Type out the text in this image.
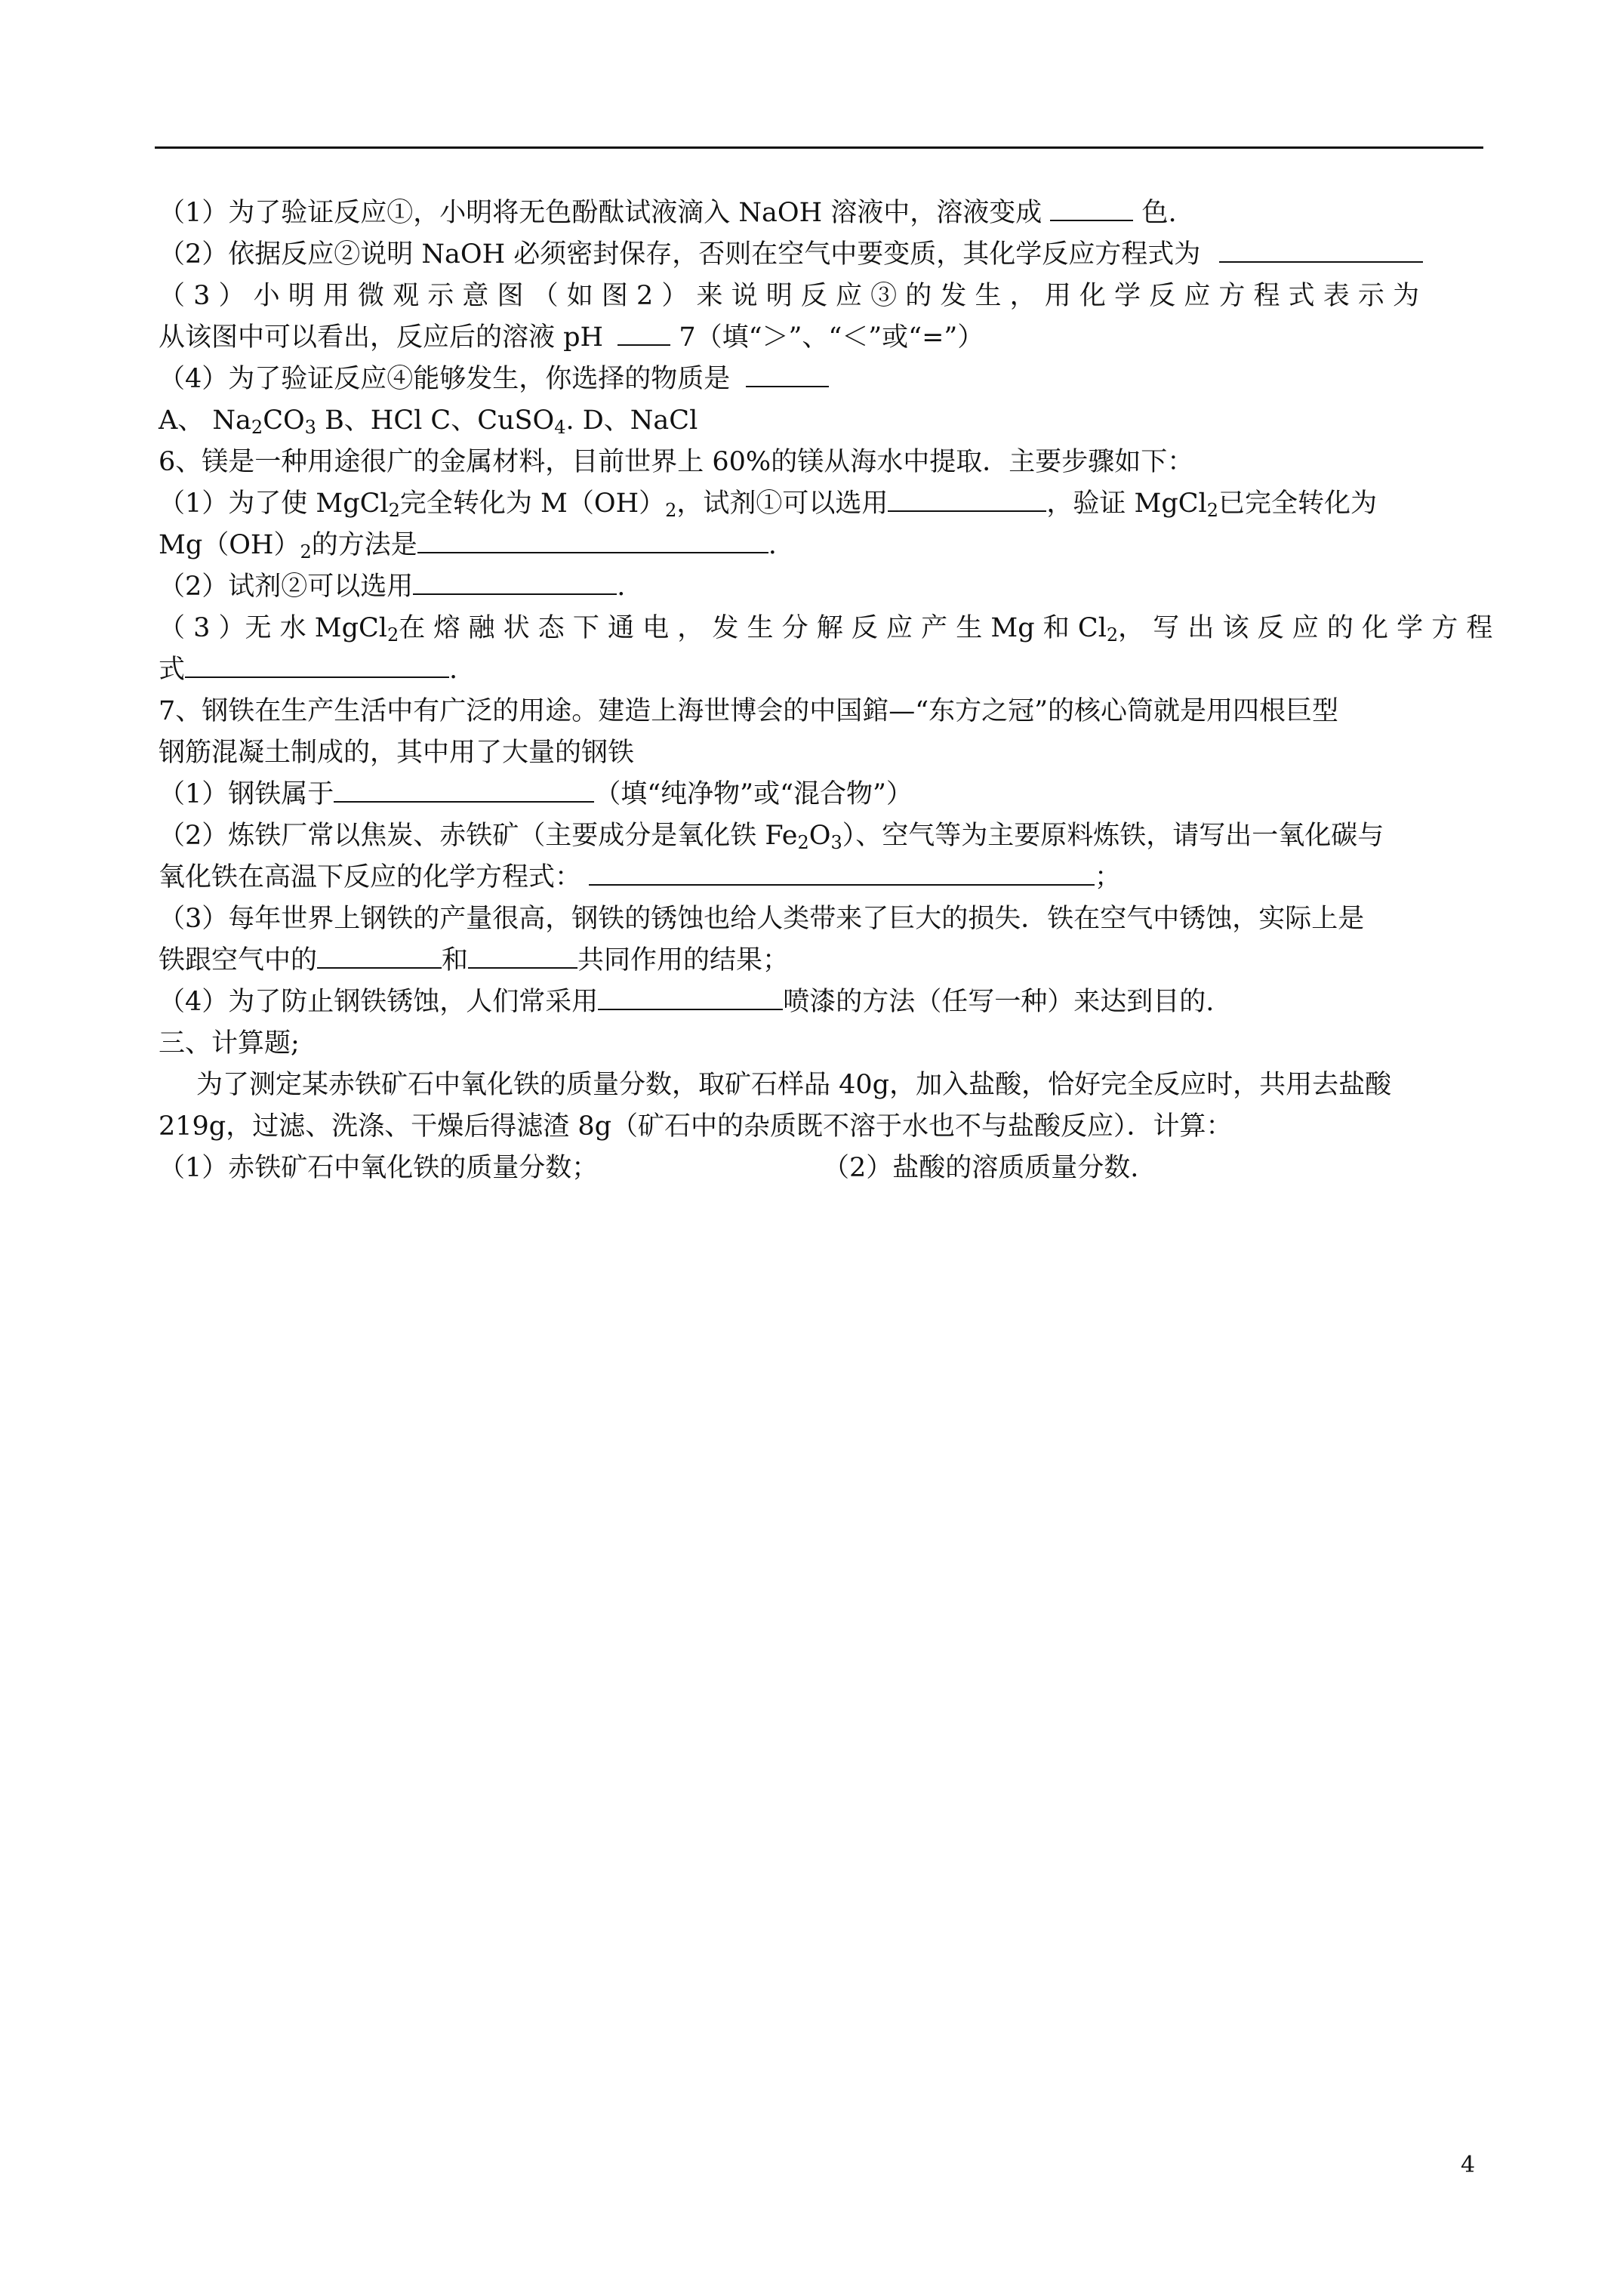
（1）为了验证反应①，小明将无色酚酞试液滴入 NaOH 溶液中，溶液变成	色.
（2）依据反应②说明 NaOH 必须密封保存，否则在空气中要变质，其化学反应方程式为
（ 3 ） 小 明 用 微 观 示 意 图 （ 如 图 2 ） 来 说 明 反 应 ③ 的 发 生 ， 用 化 学 反 应 方 程 式 表 示 为
从该图中可以看出，反应后的溶液 pH	7（填“＞”、“＜”或“=”）
（4）为了验证反应④能够发生，你选择的物质是
A、 $Na_2CO_3$ B、HCl C、CuSO$_4$. D、NaCl
6、镁是一种用途很广的金属材料，目前世界上 60%的镁从海水中提取．主要步骤如下：
（1）为了使 MgCl$_2$完全转化为 $M(OH)_2$，试剂①可以选用	，验证 MgCl$_2$已完全转化为
$Mg(OH)_2$的方法是	.
（2）试剂②可以选用	.
（ 3 ） 无 水 MgCl$_2$ 在 熔 融 状 态 下 通 电 ， 发 生 分 解 反 应 产 生 Mg 和 $Cl_2$ ， 写 出 该 反 应 的 化 学 方 程
式	.
7、钢铁在生产生活中有广泛的用途。建造上海世博会的中国錧—“东方之冠”的核心筒就是用四根巨型
钢筋混凝土制成的，其中用了大量的钢铁
（1）钢铁属于	（填“纯净物”或“混合物”）
（2）炼铁厂常以焦炭、赤铁矿（主要成分是氧化铁 $Fe_2O_3$）、空气等为主要原料炼铁，请写出一氧化碳与
氧化铁在高温下反应的化学方程式：	；
（3）每年世界上钢铁的产量很高，钢铁的锈蚀也给人类带来了巨大的损失．铁在空气中锈蚀，实际上是
铁跟空气中的	和	共同作用的结果；
（4）为了防止钢铁锈蚀，人们常采用	喷漆的方法（任写一种）来达到目的.
三、计算题;
为了测定某赤铁矿石中氧化铁的质量分数，取矿石样品 40g，加入盐酸，恰好完全反应时，共用去盐酸
219g，过滤、洗涤、干燥后得滤渣 8g（矿石中的杂质既不溶于水也不与盐酸反应）．计算：
（1）赤铁矿石中氧化铁的质量分数；	（2）盐酸的溶质质量分数.
4
